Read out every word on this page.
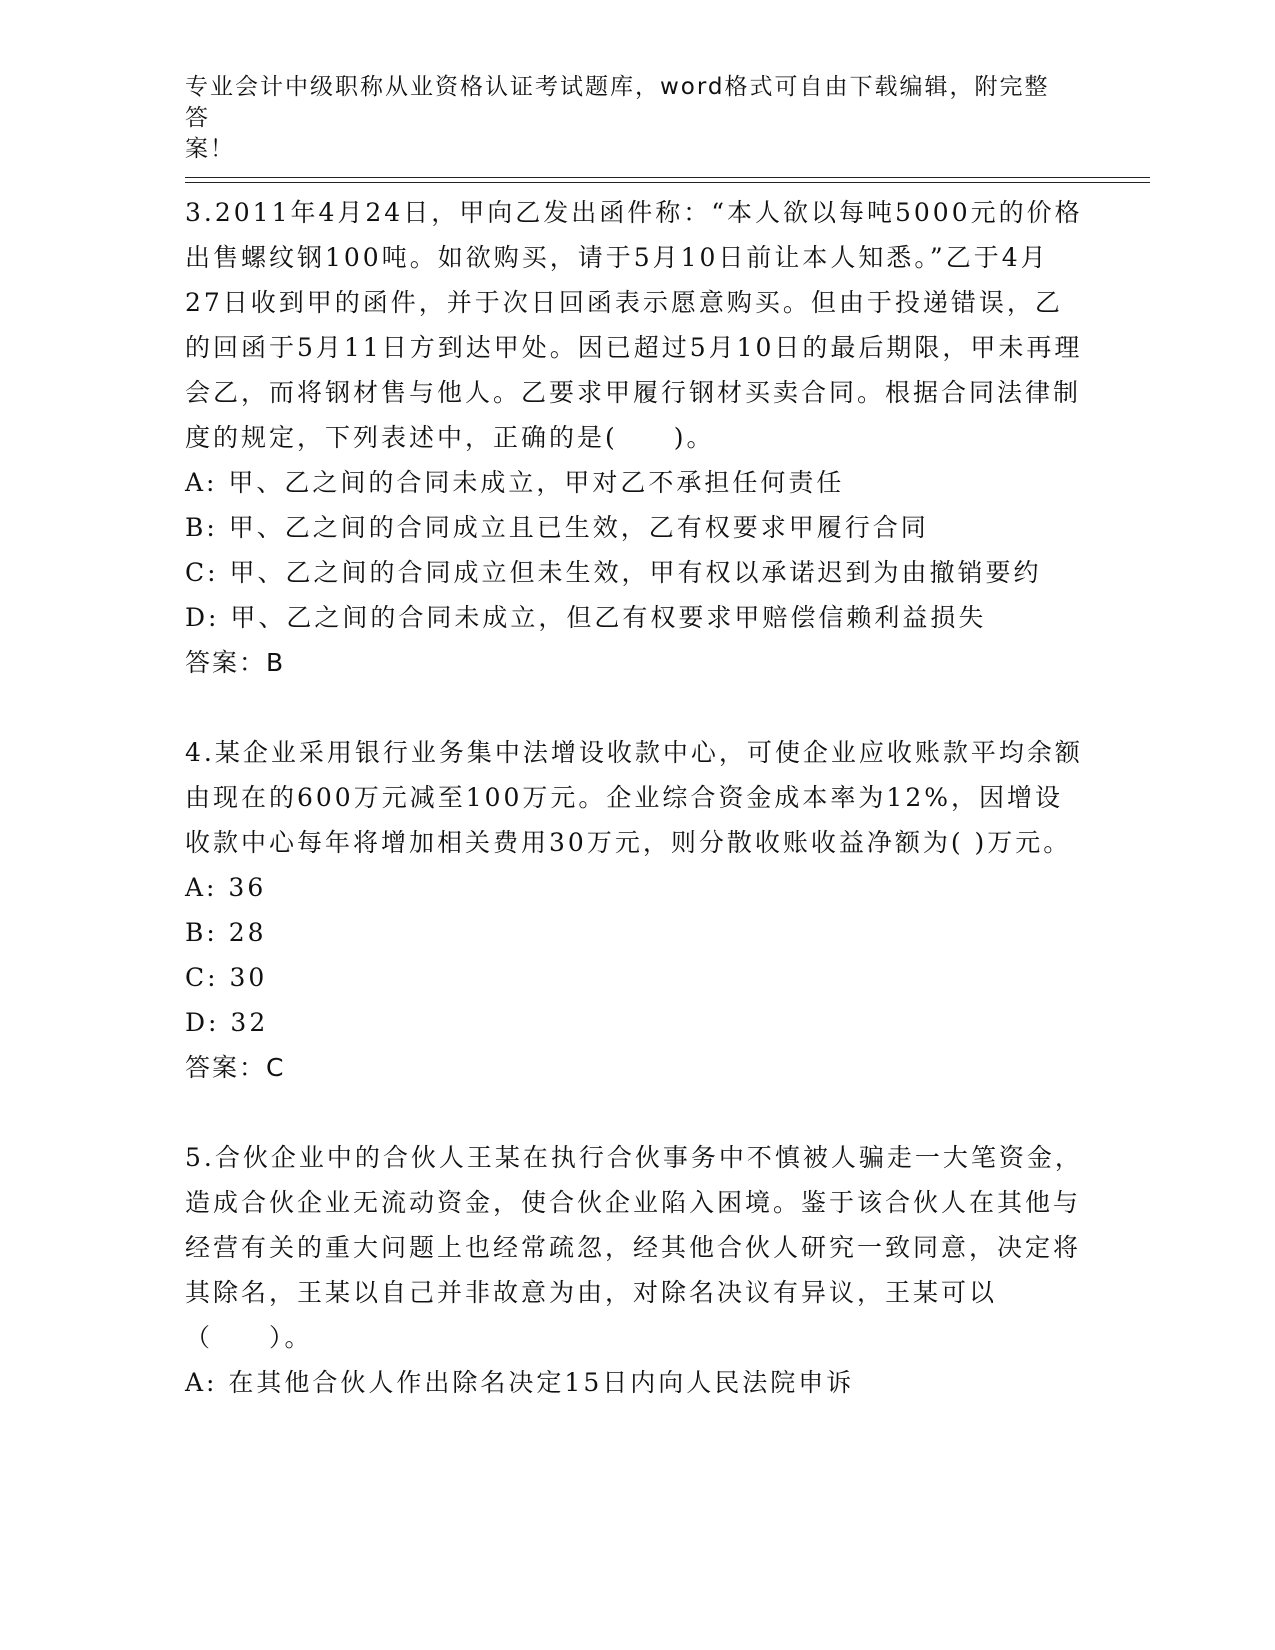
专业会计中级职称从业资格认证考试题库，word格式可自由下载编辑，附完整答
案！
3.2011年4月24日，甲向乙发出函件称：“本人欲以每吨5000元的价格出售螺纹钢100吨。如欲购买，请于5月10日前让本人知悉。”乙于4月27日收到甲的函件，并于次日回函表示愿意购买。但由于投递错误，乙的回函于5月11日方到达甲处。因已超过5月10日的最后期限，甲未再理会乙，而将钢材售与他人。乙要求甲履行钢材买卖合同。根据合同法律制度的规定，下列表述中，正确的是(　　)。
A: 甲、乙之间的合同未成立，甲对乙不承担任何责任
B: 甲、乙之间的合同成立且已生效，乙有权要求甲履行合同
C: 甲、乙之间的合同成立但未生效，甲有权以承诺迟到为由撤销要约
D: 甲、乙之间的合同未成立，但乙有权要求甲赔偿信赖利益损失
答案：B
4.某企业采用银行业务集中法增设收款中心，可使企业应收账款平均余额由现在的600万元减至100万元。企业综合资金成本率为12%，因增设收款中心每年将增加相关费用30万元，则分散收账收益净额为( )万元。
A: 36
B: 28
C: 30
D: 32
答案：C
5.合伙企业中的合伙人王某在执行合伙事务中不慎被人骗走一大笔资金，造成合伙企业无流动资金，使合伙企业陷入困境。鉴于该合伙人在其他与经营有关的重大问题上也经常疏忽，经其他合伙人研究一致同意，决定将其除名，王某以自己并非故意为由，对除名决议有异议，王某可以（　　）。
A: 在其他合伙人作出除名决定15日内向人民法院申诉
